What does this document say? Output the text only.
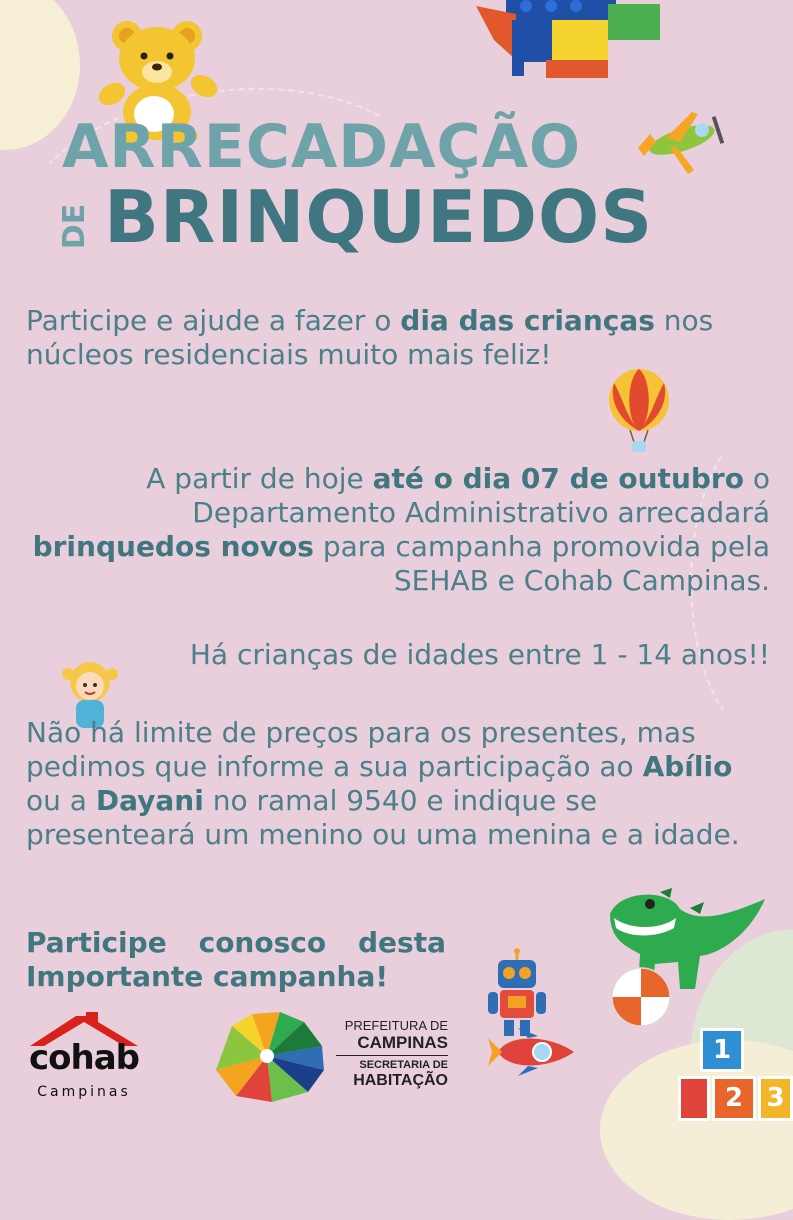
ARRECADAÇÃO
DE BRINQUEDOS

Participe e ajude a fazer o dia das crianças nos núcleos residenciais muito mais feliz!

A partir de hoje até o dia 07 de outubro o Departamento Administrativo arrecadará brinquedos novos para campanha promovida pela SEHAB e Cohab Campinas.

Há crianças de idades entre 1 - 14 anos!!

Não há limite de preços para os presentes, mas pedimos que informe a sua participação ao Abílio ou a Dayani no ramal 9540 e indique se presenteará um menino ou uma menina e a idade.

Participe conosco desta Importante campanha!

1
2 3
cohab
Campinas
PREFEITURA DE
CAMPINAS
SECRETARIA DE
HABITAÇÃO
